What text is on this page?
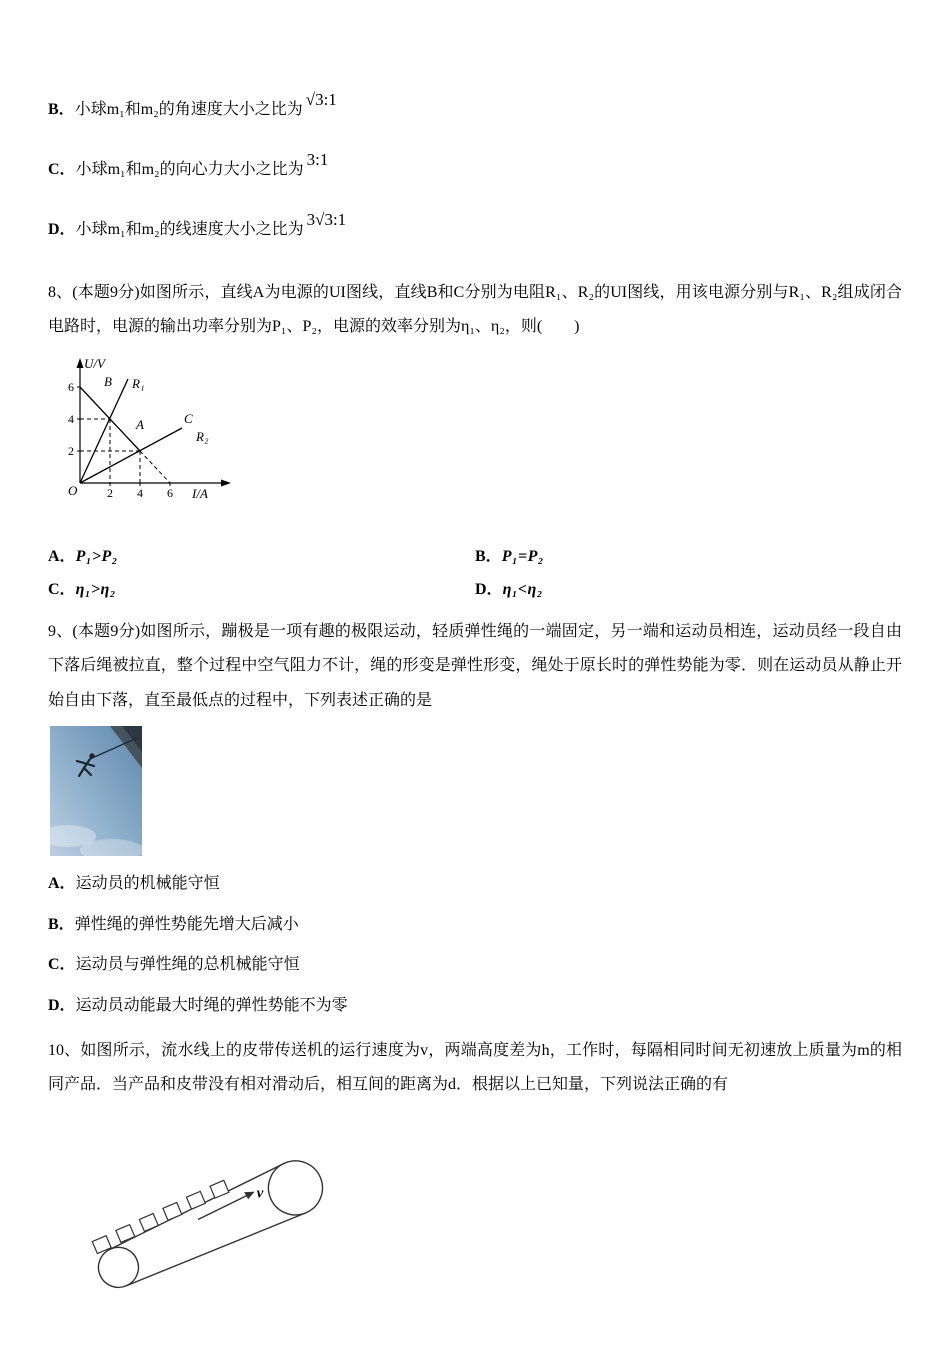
B．小球m₁和m₂的角速度大小之比为√3:1
C．小球m₁和m₂的向心力大小之比为3:1
D．小球m₁和m₂的线速度大小之比为3√3:1

8、(本题9分)如图所示，直线A为电源的UI图线，直线B和C分别为电阻R₁、R₂的UI图线，用该电源分别与R₁、R₂组成闭合电路时，电源的输出功率分别为P₁、P₂，电源的效率分别为η₁、η₂，则(　　)

U/V
I/A
O
6
4
2
2 4 6
B R₁
A	C
R₂
A．P₁>P₂	B．P₁=P₂
C．η₁>η₂	D．η₁<η₂

9、(本题9分)如图所示，蹦极是一项有趣的极限运动，轻质弹性绳的一端固定，另一端和运动员相连，运动员经一段自由下落后绳被拉直，整个过程中空气阻力不计，绳的形变是弹性形变，绳处于原长时的弹性势能为零．则在运动员从静止开始自由下落，直至最低点的过程中，下列表述正确的是

A．运动员的机械能守恒
B．弹性绳的弹性势能先增大后减小
C．运动员与弹性绳的总机械能守恒
D．运动员动能最大时绳的弹性势能不为零

10、如图所示，流水线上的皮带传送机的运行速度为v，两端高度差为h，工作时，每隔相同时间无初速放上质量为m的相同产品．当产品和皮带没有相对滑动后，相互间的距离为d．根据以上已知量，下列说法正确的有

v
